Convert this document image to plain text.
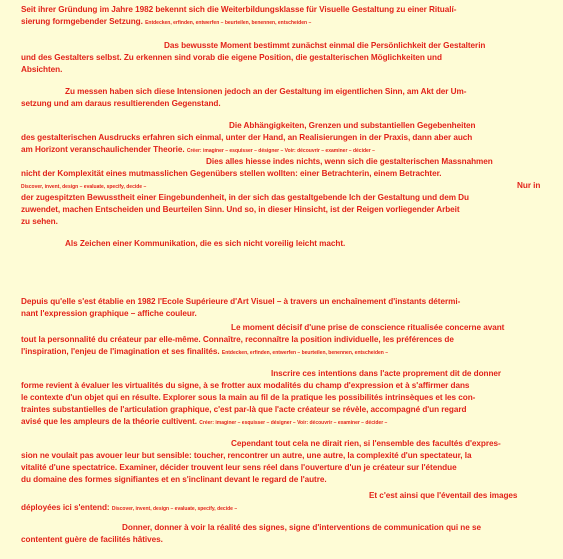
Seit ihrer Gründung im Jahre 1982 bekennt sich die Weiterbildungsklasse für Visuelle Gestaltung zu einer Ritualí-
sierung formgebender Setzung. Entdecken, erfinden, entwerfen – beurteilen, benennen, entscheiden –
Das bewusste Moment bestimmt zunächst einmal die Persönlichkeit der Gestalterin
und des Gestalters selbst. Zu erkennen sind vorab die eigene Position, die gestalterischen Möglichkeiten und
Absichten.
Zu messen haben sich diese Intensionen jedoch an der Gestaltung im eigentlichen Sinn, am Akt der Um-
setzung und am daraus resultierenden Gegenstand.
Die Abhängigkeiten, Grenzen und substantiellen Gegebenheiten
des gestalterischen Ausdrucks erfahren sich einmal, unter der Hand, an Realisierungen in der Praxis, dann aber auch
am Horizont veranschaulichender Theorie. Créer: imaginer – esquisser – désigner – Voir: découvrir – examiner – décider –
Dies alles hiesse indes nichts, wenn sich die gestalterischen Massnahmen
nicht der Komplexität eines mutmasslichen Gegenübers stellen wollten: einer Betrachterin, einem Betrachter.
Discover, invent, design – evaluate, specify, decide –	Nur in
der zugespitzten Bewusstheit einer Eingebundenheit, in der sich das gestaltgebende Ich der Gestaltung und dem Du
zuwendet, machen Entscheiden und Beurteilen Sinn. Und so, in dieser Hinsicht, ist der Reigen vorliegender Arbeit
zu sehen.
Als Zeichen einer Kommunikation, die es sich nicht voreilig leicht macht.
Depuis qu'elle s'est établie en 1982 l'Ecole Supérieure d'Art Visuel – à travers un enchaînement d'instants détermi-
nant l'expression graphique – affiche couleur.
Le moment décisif d'une prise de conscience ritualisée concerne avant
tout la personnalité du créateur par elle-même. Connaître, reconnaître la position individuelle, les préférences de
l'inspiration, l'enjeu de l'imagination et ses finalités. Entdecken, erfinden, entwerfen – beurteilen, benennen, entscheiden –
Inscrire ces intentions dans l'acte proprement dit de donner
forme revient à évaluer les virtualités du signe, à se frotter aux modalités du champ d'expression et à s'affirmer dans
le contexte d'un objet qui en résulte. Explorer sous la main au fil de la pratique les possibilités intrinsèques et les con-
traintes substantielles de l'articulation graphique, c'est par-là que l'acte créateur se révèle, accompagné d'un regard
avisé que les ampleurs de la théorie cultivent. Créer: imaginer – esquisser – désigner – Voir: découvrir – examiner – décider –
Cependant tout cela ne dirait rien, si l'ensemble des facultés d'expres-
sion ne voulait pas avouer leur but sensible: toucher, rencontrer un autre, une autre, la complexité d'un spectateur, la
vitalité d'une spectatrice. Examiner, décider trouvent leur sens réel dans l'ouverture d'un je créateur sur l'étendue
du domaine des formes signifiantes et en s'inclinant devant le regard de l'autre.
Et c'est ainsi que l'éventail des images
déployées ici s'entend: Discover, invent, design – evaluate, specify, decide –
Donner, donner à voir la réalité des signes, signe d'interventions de communication qui ne se
contentent guère de facilités hâtives.
